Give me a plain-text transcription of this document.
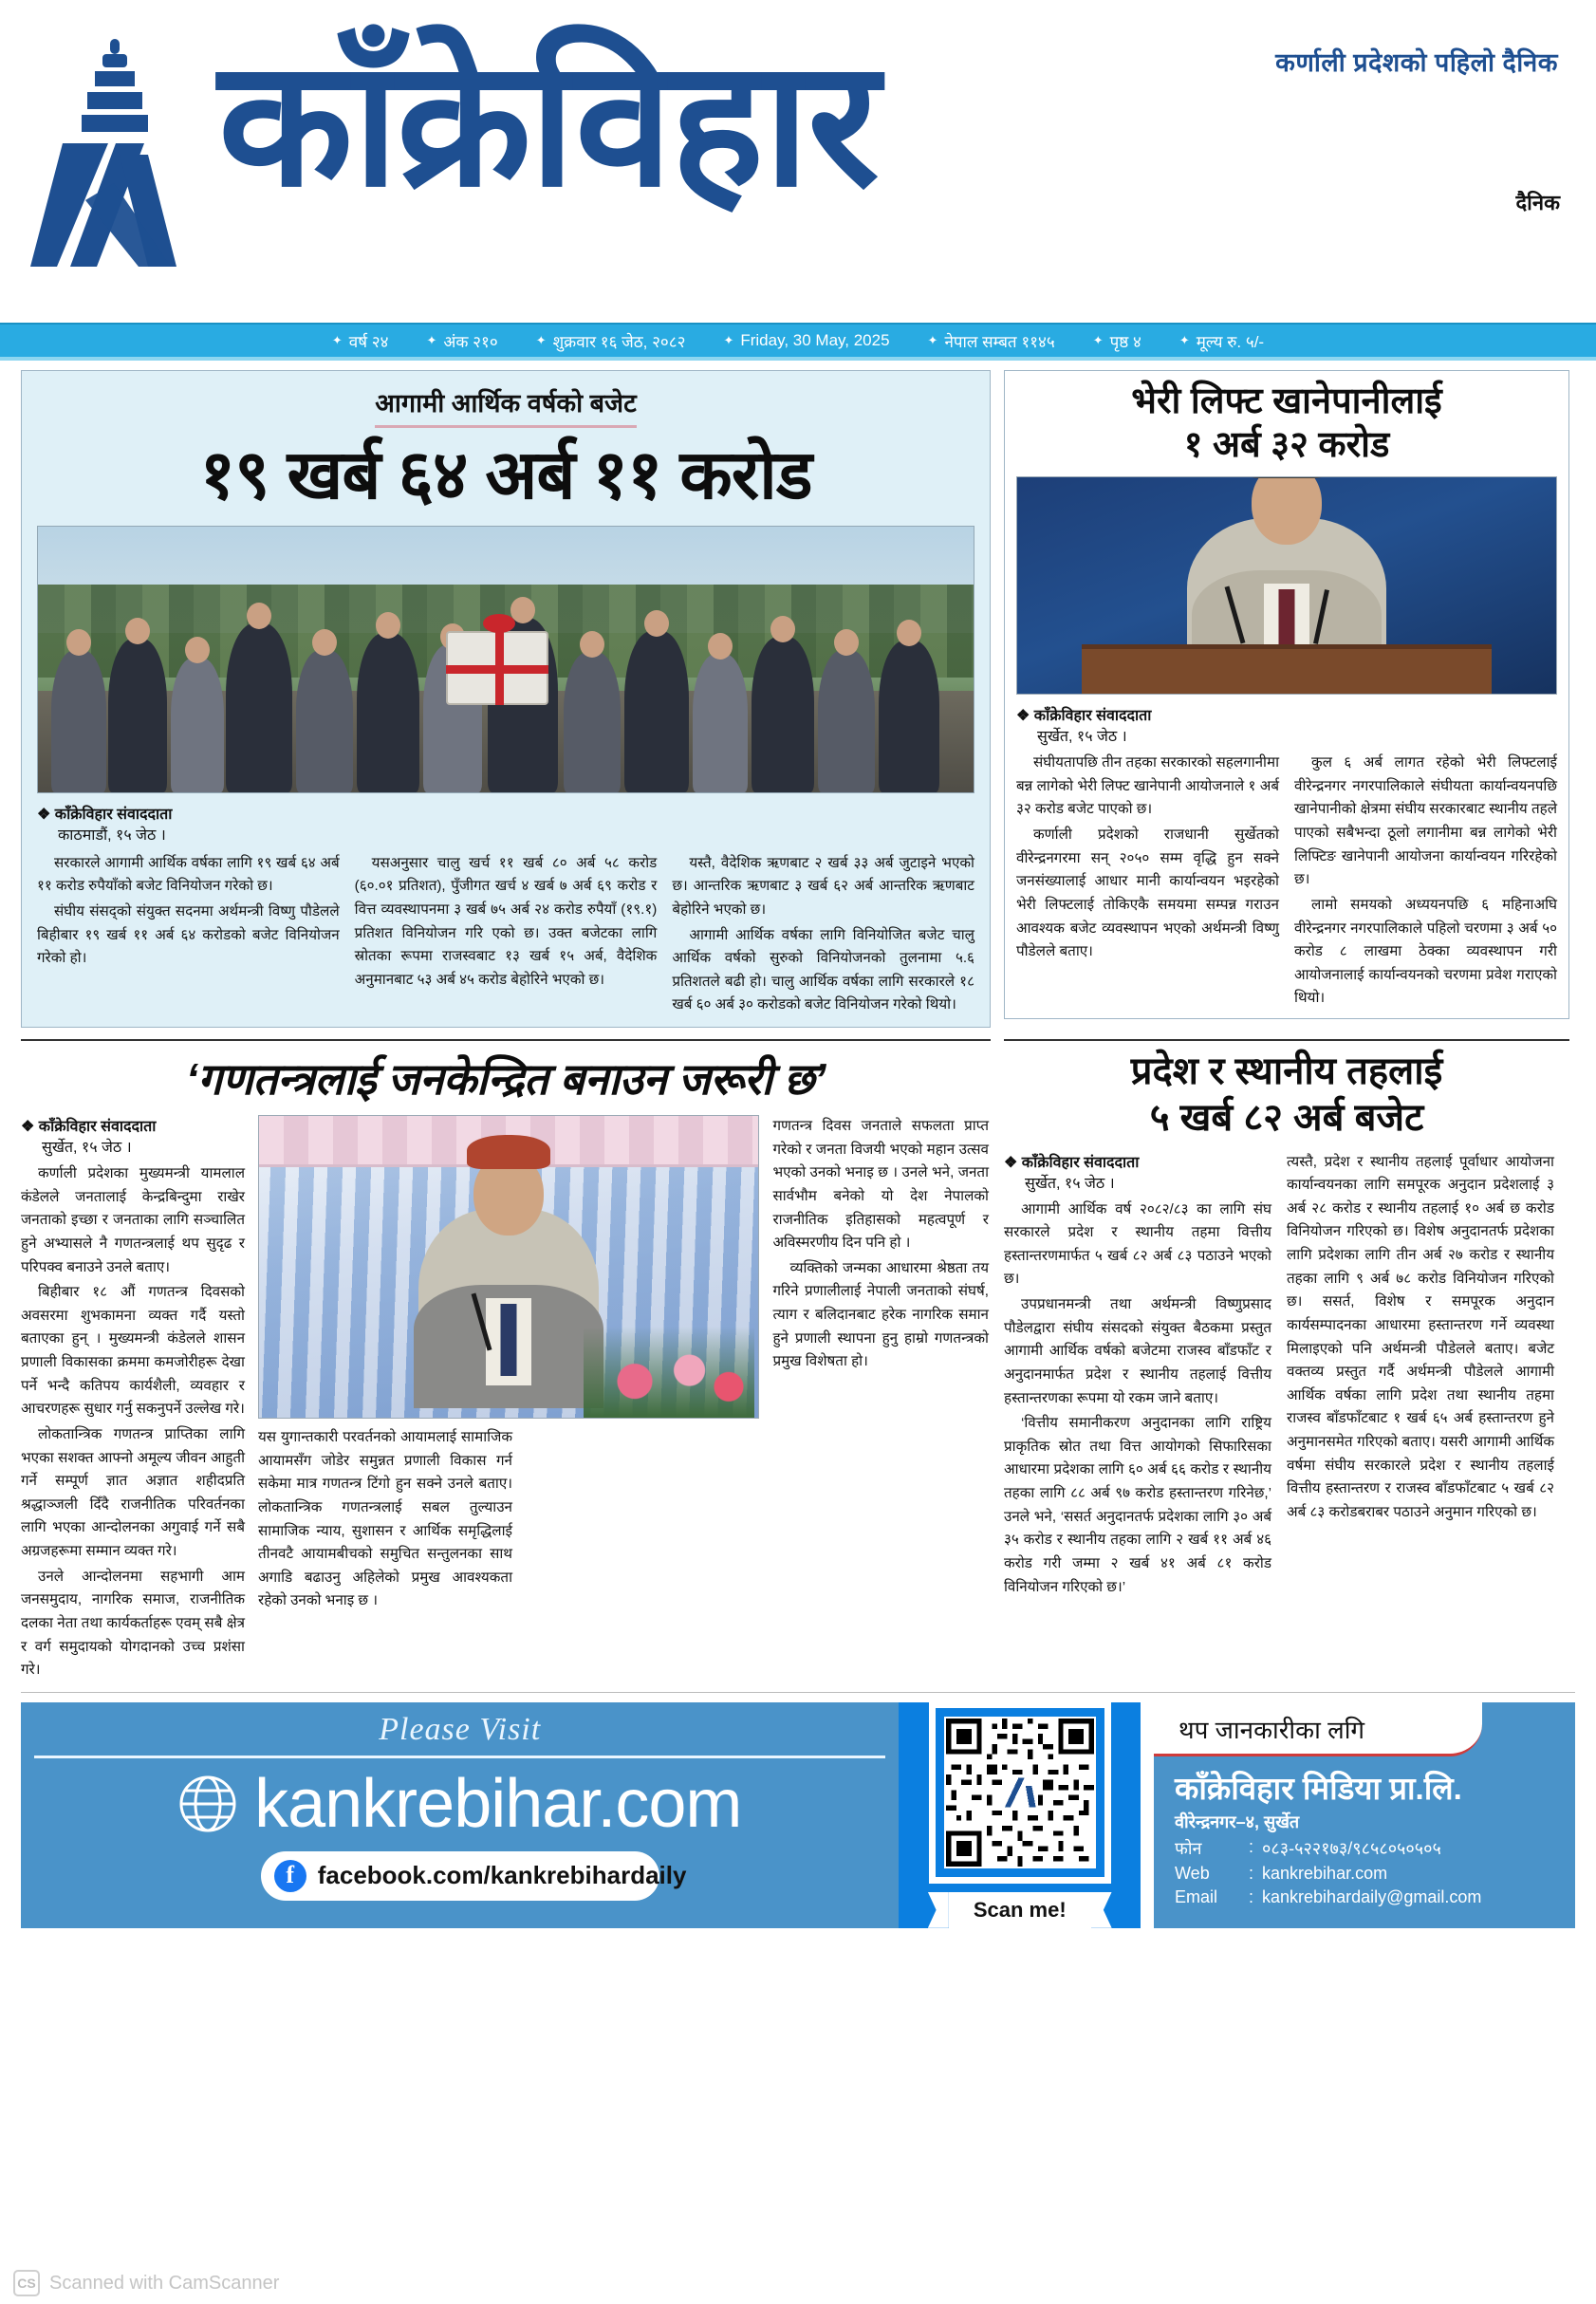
कर्णाली प्रदेशको पहिलो दैनिक
काँक्रेविहार	दैनिक
✦ वर्ष २४	✦ अंक २१०	✦ शुक्रवार १६ जेठ, २०८२	✦ Friday, 30 May, 2025	✦ नेपाल सम्बत ११४५	✦ पृष्ठ ४	✦ मूल्य रु. ५/-
आगामी आर्थिक वर्षको बजेट
१९ खर्ब ६४ अर्ब ११ करोड
❖ काँक्रेविहार संवाददाता
काठमाडौं, १५ जेठ ।

सरकारले आगामी आर्थिक वर्षका लागि १९ खर्ब ६४ अर्ब ११ करोड रुपैयाँको बजेट विनियोजन गरेको छ।

संघीय संसद्को संयुक्त सदनमा अर्थमन्त्री विष्णु पौडेलले बिहीबार १९ खर्ब ११ अर्ब ६४ करोडको बजेट विनियोजन गरेको हो।

यसअनुसार चालु खर्च ११ खर्ब ८० अर्ब ५८ करोड (६०.०१ प्रतिशत), पुँजीगत खर्च ४ खर्ब ७ अर्ब ६९ करोड र वित्त व्यवस्थापनमा ३ खर्ब ७५ अर्ब २४ करोड रुपैयाँ (१९.१) प्रतिशत विनियोजन गरि एको छ। उक्त बजेटका लागि स्रोतका रूपमा राजस्वबाट १३ खर्ब १५ अर्ब, वैदेशिक अनुमानबाट ५३ अर्ब ४५ करोड बेहोरिने भएको छ।

यस्तै, वैदेशिक ऋणबाट २ खर्ब ३३ अर्ब जुटाइने भएको छ। आन्तरिक ऋणबाट ३ खर्ब ६२ अर्ब आन्तरिक ऋणबाट बेहोरिने भएको छ।

आगामी आर्थिक वर्षका लागि विनियोजित बजेट चालु आर्थिक वर्षको सुरुको विनियोजनको तुलनामा ५.६ प्रतिशतले बढी हो। चालु आर्थिक वर्षका लागि सरकारले १८ खर्ब ६० अर्ब ३० करोडको बजेट विनियोजन गरेको थियो।

भेरी लिफ्ट खानेपानीलाई
१ अर्ब ३२ करोड
❖ काँक्रेविहार संवाददाता
सुर्खेत, १५ जेठ ।

संघीयतापछि तीन तहका सरकारको सहलगानीमा बन्न लागेको भेरी लिफ्ट खानेपानी आयोजनाले १ अर्ब ३२ करोड बजेट पाएको छ।

कर्णाली प्रदेशको राजधानी सुर्खेतको वीरेन्द्रनगरमा सन् २०५० सम्म वृद्धि हुन सक्ने जनसंख्यालाई आधार मानी कार्यान्वयन भइरहेको भेरी लिफ्टलाई तोकिएकै समयमा सम्पन्न गराउन आवश्यक बजेट व्यवस्थापन भएको अर्थमन्त्री विष्णु पौडेलले बताए।

कुल ६ अर्ब लागत रहेको भेरी लिफ्टलाई वीरेन्द्रनगर नगरपालिकाले संघीयता कार्यान्वयनपछि खानेपानीको क्षेत्रमा संघीय सरकारबाट स्थानीय तहले पाएको सबैभन्दा ठूलो लगानीमा बन्न लागेको भेरी लिफ्टिङ खानेपानी आयोजना कार्यान्वयन गरिरहेको छ।

लामो समयको अध्ययनपछि ६ महिनाअघि वीरेन्द्रनगर नगरपालिकाले पहिलो चरणमा ३ अर्ब ५० करोड ८ लाखमा ठेक्का व्यवस्थापन गरी आयोजनालाई कार्यान्वयनको चरणमा प्रवेश गराएको थियो।

‘गणतन्त्रलाई जनकेन्द्रित बनाउन जरूरी छ’
❖ काँक्रेविहार संवाददाता
सुर्खेत, १५ जेठ ।

कर्णाली प्रदेशका मुख्यमन्त्री यामलाल कंडेलले जनतालाई केन्द्रबिन्दुमा राखेर जनताको इच्छा र जनताका लागि सञ्चालित हुने अभ्यासले नै गणतन्त्रलाई थप सुदृढ र परिपक्व बनाउने उनले बताए।

बिहीबार १८ औं गणतन्त्र दिवसको अवसरमा शुभकामना व्यक्त गर्दै यस्तो बताएका हुन् । मुख्यमन्त्री कंडेलले शासन प्रणाली विकासका क्रममा कमजोरीहरू देखा पर्ने भन्दै कतिपय कार्यशैली, व्यवहार र आचरणहरू सुधार गर्नु सकनुपर्ने उल्लेख गरे।

लोकतान्त्रिक गणतन्त्र प्राप्तिका लागि भएका सशक्त आफ्नो अमूल्य जीवन आहुती गर्ने सम्पूर्ण ज्ञात अज्ञात शहीदप्रति श्रद्धाञ्जली दिँदै राजनीतिक परिवर्तनका लागि भएका आन्दोलनका अगुवाई गर्ने सबै अग्रजहरूमा सम्मान व्यक्त गरे।

उनले आन्दोलनमा सहभागी आम जनसमुदाय, नागरिक समाज, राजनीतिक दलका नेता तथा कार्यकर्ताहरू एवम् सबै क्षेत्र र वर्ग समुदायको योगदानको उच्च प्रशंसा गरे।

गणतन्त्र दिवस जनताले सफलता प्राप्त गरेको र जनता विजयी भएको महान उत्सव भएको उनको भनाइ छ । उनले भने, जनता सार्वभौम बनेको यो देश नेपालको राजनीतिक इतिहासको महत्वपूर्ण र अविस्मरणीय दिन पनि हो ।

व्यक्तिको जन्मका आधारमा श्रेष्ठता तय गरिने प्रणालीलाई नेपाली जनताको संघर्ष, त्याग र बलिदानबाट हरेक नागरिक समान हुने प्रणाली स्थापना हुनु हाम्रो गणतन्त्रको प्रमुख विशेषता हो।

यस युगान्तकारी परवर्तनको आयामलाई सामाजिक आयामसँग जोडेर समुन्नत प्रणाली विकास गर्न सकेमा मात्र गणतन्त्र टिंगो हुन सक्ने उनले बताए। लोकतान्त्रिक गणतन्त्रलाई सबल तुल्याउन सामाजिक न्याय, सुशासन र आर्थिक समृद्धिलाई तीनवटै आयामबीचको समुचित सन्तुलनका साथ अगाडि बढाउनु अहिलेको प्रमुख आवश्यकता रहेको उनको भनाइ छ ।

प्रदेश र स्थानीय तहलाई
५ खर्ब ८२ अर्ब बजेट
❖ काँक्रेविहार संवाददाता
सुर्खेत, १५ जेठ ।

आगामी आर्थिक वर्ष २०८२/८३ का लागि संघ सरकारले प्रदेश र स्थानीय तहमा वित्तीय हस्तान्तरणमार्फत ५ खर्ब ८२ अर्ब ८३ पठाउने भएको छ।

उपप्रधानमन्त्री तथा अर्थमन्त्री विष्णुप्रसाद पौडेलद्वारा संघीय संसदको संयुक्त बैठकमा प्रस्तुत आगामी आर्थिक वर्षको बजेटमा राजस्व बाँडफाँट र अनुदानमार्फत प्रदेश र स्थानीय तहलाई वित्तीय हस्तान्तरणका रूपमा यो रकम जाने बताए।

‘वित्तीय समानीकरण अनुदानका लागि राष्ट्रिय प्राकृतिक स्रोत तथा वित्त आयोगको सिफारिसका आधारमा प्रदेशका लागि ६० अर्ब ६६ करोड र स्थानीय तहका लागि ८८ अर्ब ९७ करोड हस्तान्तरण गरिनेछ,’ उनले भने, ‘ससर्त अनुदानतर्फ प्रदेशका लागि ३० अर्ब ३५ करोड र स्थानीय तहका लागि २ खर्ब ११ अर्ब ४६ करोड गरी जम्मा २ खर्ब ४१ अर्ब ८१ करोड विनियोजन गरिएको छ।’

त्यस्तै, प्रदेश र स्थानीय तहलाई पूर्वाधार आयोजना कार्यान्वयनका लागि समपूरक अनुदान प्रदेशलाई ३ अर्ब २८ करोड र स्थानीय तहलाई १० अर्ब छ करोड विनियोजन गरिएको छ। विशेष अनुदानतर्फ प्रदेशका लागि प्रदेशका लागि तीन अर्ब २७ करोड र स्थानीय तहका लागि ९ अर्ब ७८ करोड विनियोजन गरिएको छ। ससर्त, विशेष र समपूरक अनुदान कार्यसम्पादनका आधारमा हस्तान्तरण गर्ने व्यवस्था मिलाइएको पनि अर्थमन्त्री पौडेलले बताए। बजेट वक्तव्य प्रस्तुत गर्दै अर्थमन्त्री पौडेलले आगामी आर्थिक वर्षका लागि प्रदेश तथा स्थानीय तहमा राजस्व बाँडफाँटबाट १ खर्ब ६५ अर्ब हस्तान्तरण हुने अनुमानसमेत गरिएको बताए। यसरी आगामी आर्थिक वर्षमा संघीय सरकारले प्रदेश र स्थानीय तहलाई वित्तीय हस्तान्तरण र राजस्व बाँडफाँटबाट ५ खर्ब ८२ अर्ब ८३ करोडबराबर पठाउने अनुमान गरिएको छ।

Please Visit
kankrebihar.com
f
facebook.com/kankrebihardaily
Scan me!
थप जानकारीका लगि
काँक्रेविहार मिडिया प्रा.लि.
वीरेन्द्रनगर–४, सुर्खेत
फोन	: ०८३-५२२१७३/९८५८०५०५०५
Web	: kankrebihar.com
Email	: kankrebihardaily@gmail.com
CS Scanned with CamScanner
